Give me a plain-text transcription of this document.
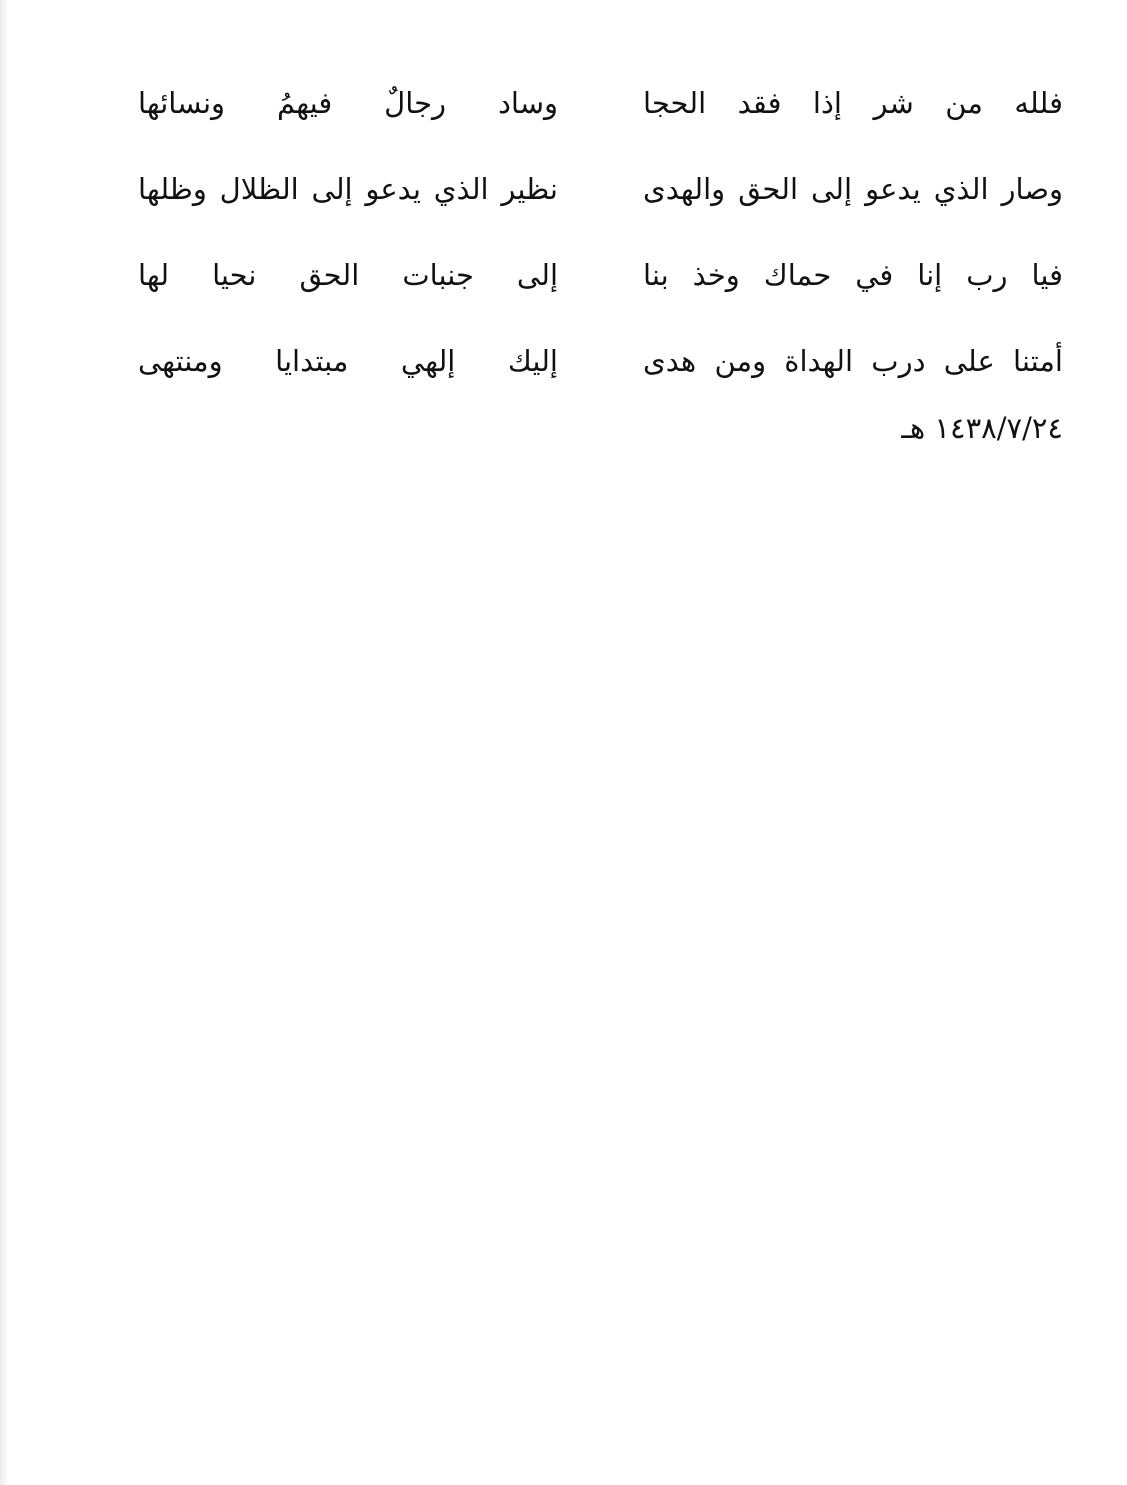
فلله من شر إذا فقد الحجا
وساد رجالٌ فيهمُ ونسائها
وصار الذي يدعو إلى الحق والهدى
نظير الذي يدعو إلى الظلال وظلها
فيا رب إنا في حماك وخذ بنا
إلى جنبات الحق نحيا لها
أمتنا على درب الهداة ومن هدى
إليك إلهي مبتدايا ومنتهى
١٤٣٨/٧/٢٤ هـ
